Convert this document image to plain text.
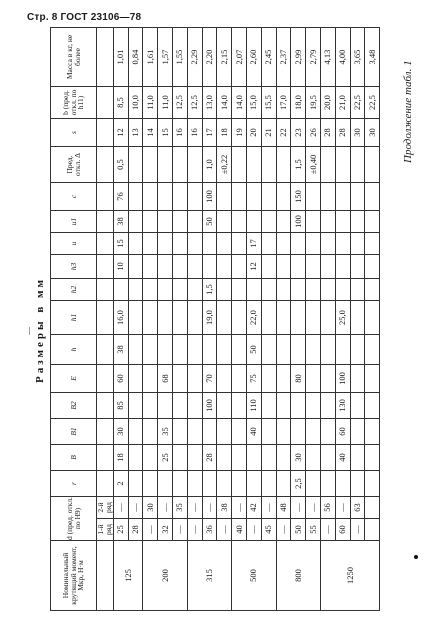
Стр. 8 ГОСТ 23106—78
Продолжение табл. 1
— Размеры в мм
Номинальный крутящий момент, Мкр, Н·м	d (пред. откл. по Н9)		r	B	B1	B2	E	h	h1	h2	h3	u	u1	c	Пред. откл. Δ	s	b (пред. откл. по h11)	Масса в кг, не более
	1-й ряд	2-й ряд																
125	25	—	2	18	30	85	60	38	16,0		10	15	38	76	0,5	12	8,5	1,01
	28	—														13	10,0	0,84
200	—	30														14	11,0	1,61
	32	—		25	35		68									15	11,0	1,57
	—	35														16	12,5	1,55
315	—	—														16	12,5	2,29
	36	—		28		100	70		19,0	1,5			50	100	1,0	17	13,0	2,20
	—	38													±0,22	18	14,0	2,15
500	40	—														19	14,0	2,07
	—	42			40	110	75	50	22,0		12	17				20	15,0	2,60
	45	—														21	15,5	2,45
800	—	48														22	17,0	2,37
	50	—	2,5	30			80						100	150	1,5	23	18,0	2,99
	55	—													±0,40	26	19,5	2,79
1250	—	56														28	20,0	4,13
	60	—		40	60	130	100		25,0							28	21,0	4,00
	—	63														30	22,5	3,65
																30	22,5	3,48
